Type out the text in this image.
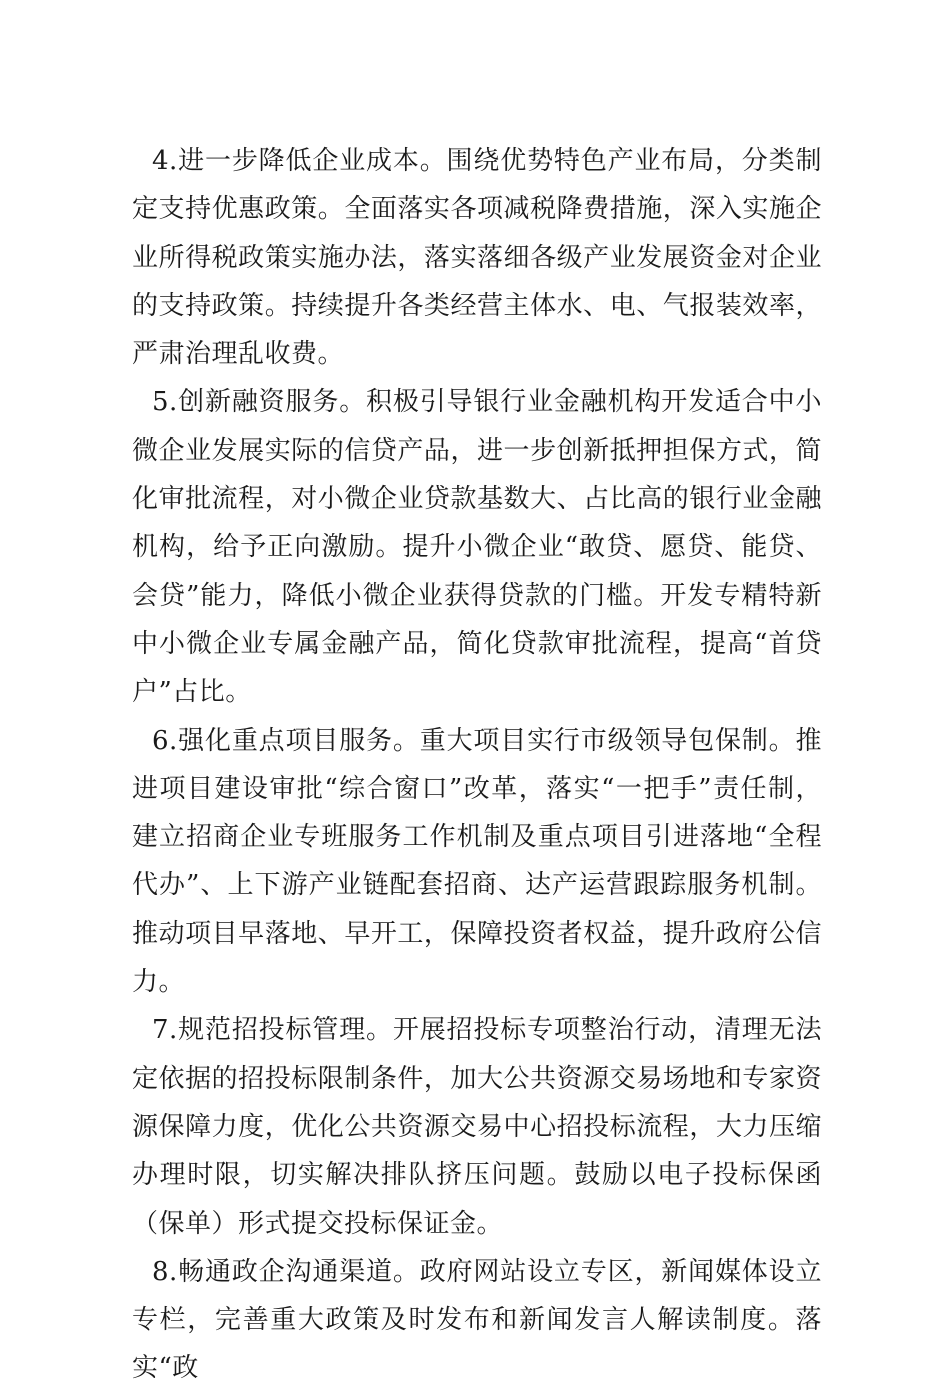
4.进一步降低企业成本。围绕优势特色产业布局，分类制定支持优惠政策。全面落实各项减税降费措施，深入实施企业所得税政策实施办法，落实落细各级产业发展资金对企业的支持政策。持续提升各类经营主体水、电、气报装效率，严肃治理乱收费。

5.创新融资服务。积极引导银行业金融机构开发适合中小微企业发展实际的信贷产品，进一步创新抵押担保方式，简化审批流程，对小微企业贷款基数大、占比高的银行业金融机构，给予正向激励。提升小微企业“敢贷、愿贷、能贷、会贷”能力，降低小微企业获得贷款的门槛。开发专精特新中小微企业专属金融产品，简化贷款审批流程，提高“首贷户”占比。

6.强化重点项目服务。重大项目实行市级领导包保制。推进项目建设审批“综合窗口”改革，落实“一把手”责任制，建立招商企业专班服务工作机制及重点项目引进落地“全程代办”、上下游产业链配套招商、达产运营跟踪服务机制。推动项目早落地、早开工，保障投资者权益，提升政府公信力。

7.规范招投标管理。开展招投标专项整治行动，清理无法定依据的招投标限制条件，加大公共资源交易场地和专家资源保障力度，优化公共资源交易中心招投标流程，大力压缩办理时限，切实解决排队挤压问题。鼓励以电子投标保函（保单）形式提交投标保证金。

8.畅通政企沟通渠道。政府网站设立专区，新闻媒体设立专栏，完善重大政策及时发布和新闻发言人解读制度。落实“政
